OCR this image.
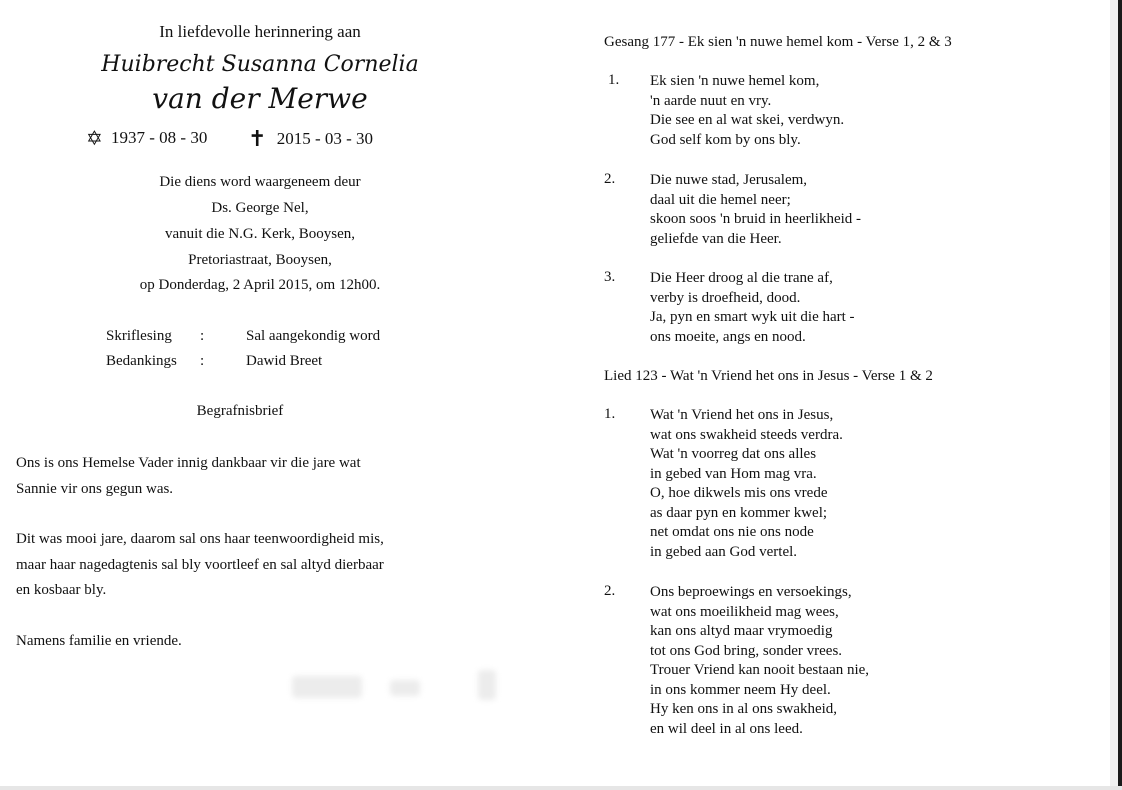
In liefdevolle herinnering aan
Huibrecht Susanna Cornelia
van der Merwe
✡ 1937 - 08 - 30 ✝ 2015 - 03 - 30
Die diens word waargeneem deur
Ds. George Nel,
vanuit die N.G. Kerk, Booysen,
Pretoriastraat, Booysen,
op Donderdag, 2 April 2015, om 12h00.
Skriflesing :	Sal aangekondig word
Bedankings :	Dawid Breet
Begrafnisbrief
Ons is ons Hemelse Vader innig dankbaar vir die jare wat
Sannie vir ons gegun was.
Dit was mooi jare, daarom sal ons haar teenwoordigheid mis,
maar haar nagedagtenis sal bly voortleef en sal altyd dierbaar
en kosbaar bly.
Namens familie en vriende.
Gesang 177 - Ek sien 'n nuwe hemel kom - Verse 1, 2 & 3
1. Ek sien 'n nuwe hemel kom,
'n aarde nuut en vry.
Die see en al wat skei, verdwyn.
God self kom by ons bly.
2. Die nuwe stad, Jerusalem,
daal uit die hemel neer;
skoon soos 'n bruid in heerlikheid -
geliefde van die Heer.
3. Die Heer droog al die trane af,
verby is droefheid, dood.
Ja, pyn en smart wyk uit die hart -
ons moeite, angs en nood.
Lied 123 - Wat 'n Vriend het ons in Jesus - Verse 1 & 2
1. Wat 'n Vriend het ons in Jesus,
wat ons swakheid steeds verdra.
Wat 'n voorreg dat ons alles
in gebed van Hom mag vra.
O, hoe dikwels mis ons vrede
as daar pyn en kommer kwel;
net omdat ons nie ons node
in gebed aan God vertel.
2. Ons beproewings en versoekings,
wat ons moeilikheid mag wees,
kan ons altyd maar vrymoedig
tot ons God bring, sonder vrees.
Trouer Vriend kan nooit bestaan nie,
in ons kommer neem Hy deel.
Hy ken ons in al ons swakheid,
en wil deel in al ons leed.
